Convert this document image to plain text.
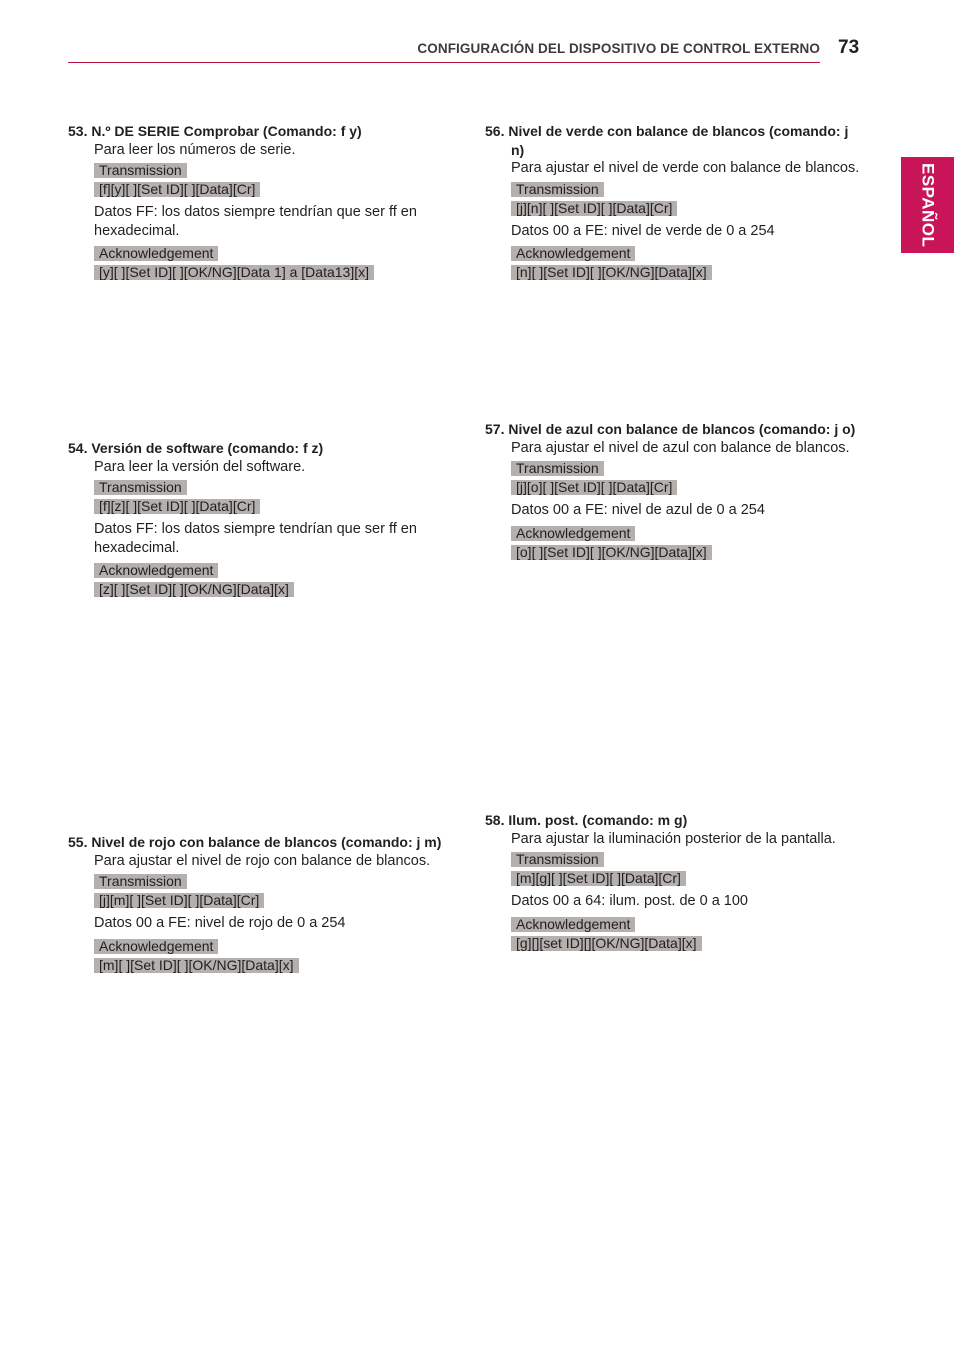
CONFIGURACIÓN DEL DISPOSITIVO DE CONTROL EXTERNO 73
ESPAÑOL
53. N.º DE SERIE Comprobar (Comando: f y)

Para leer los números de serie.

Transmission
[f][y][ ][Set ID][ ][Data][Cr]

Datos FF: los datos siempre tendrían que ser ff en hexadecimal.

Acknowledgement
[y][ ][Set ID][ ][OK/NG][Data 1] a [Data13][x]
54. Versión de software (comando: f z)

Para leer la versión del software.

Transmission
[f][z][ ][Set ID][ ][Data][Cr]

Datos FF: los datos siempre tendrían que ser ff en hexadecimal.

Acknowledgement
[z][ ][Set ID][ ][OK/NG][Data][x]
55. Nivel de rojo con balance de blancos (comando: j m)

Para ajustar el nivel de rojo con balance de blancos.

Transmission
[j][m][ ][Set ID][ ][Data][Cr]

Datos 00 a FE: nivel de rojo de 0 a 254

Acknowledgement
[m][ ][Set ID][ ][OK/NG][Data][x]
56. Nivel de verde con balance de blancos (comando: j n)

Para ajustar el nivel de verde con balance de blancos.

Transmission
[j][n][ ][Set ID][ ][Data][Cr]

Datos 00 a FE: nivel de verde de 0 a 254

Acknowledgement
[n][ ][Set ID][ ][OK/NG][Data][x]
57. Nivel de azul con balance de blancos (comando: j o)

Para ajustar el nivel de azul con balance de blancos.

Transmission
[j][o][ ][Set ID][ ][Data][Cr]

Datos 00 a FE: nivel de azul de 0 a 254

Acknowledgement
[o][ ][Set ID][ ][OK/NG][Data][x]
58. Ilum. post. (comando: m g)

Para ajustar la iluminación posterior de la pantalla.

Transmission
[m][g][ ][Set ID][ ][Data][Cr]

Datos 00 a 64: ilum. post. de 0 a 100

Acknowledgement
[g][][set ID][][OK/NG][Data][x]
